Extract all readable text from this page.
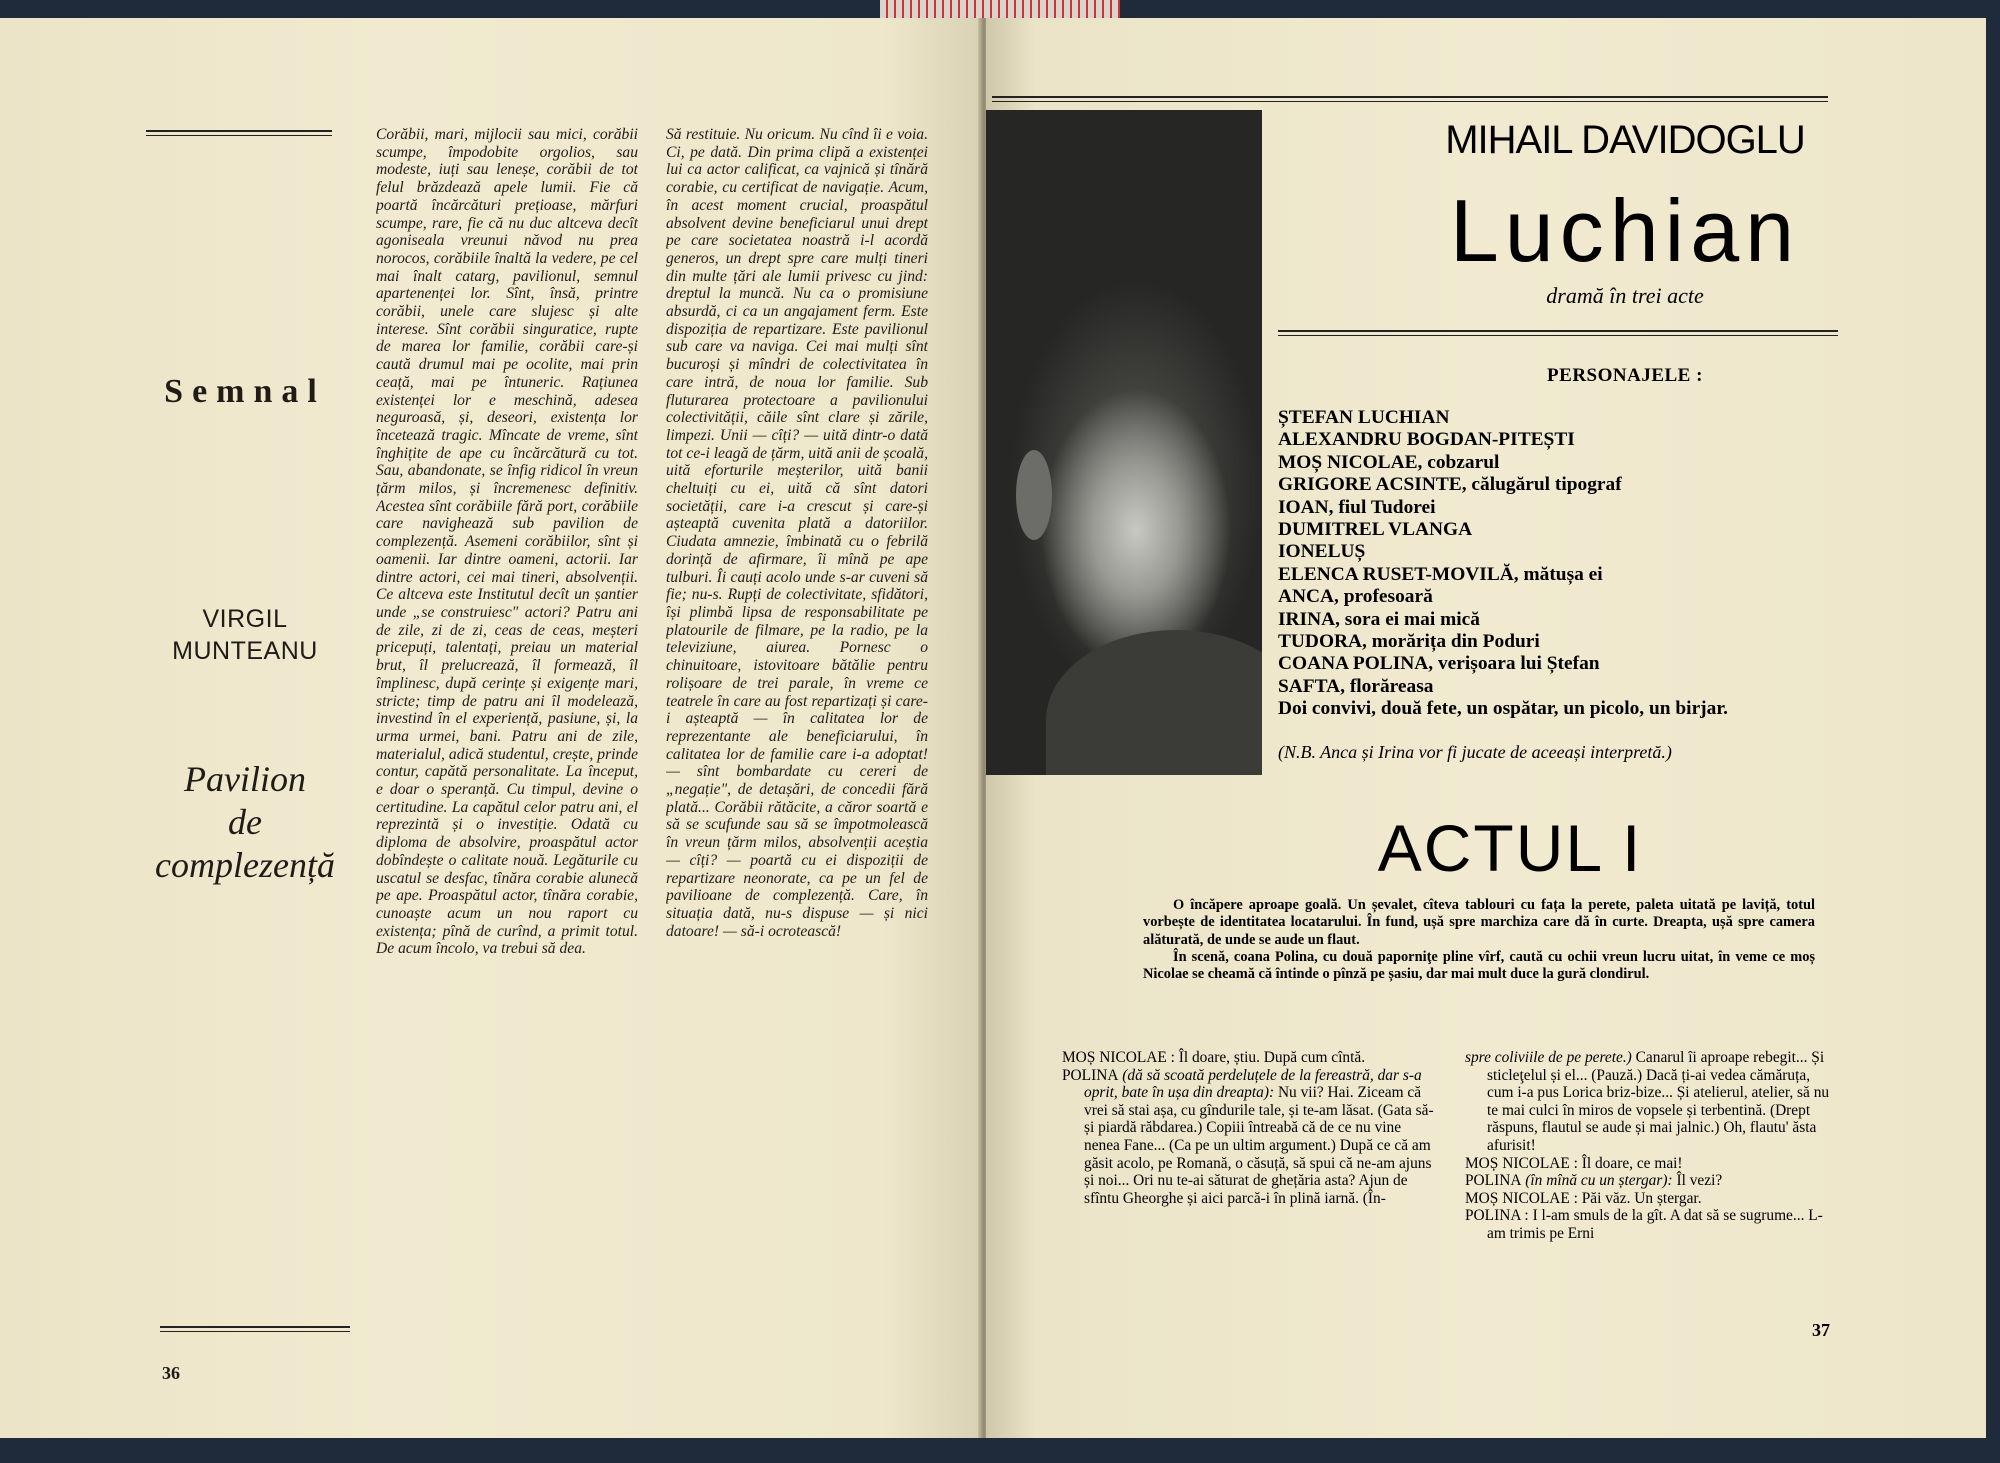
Semnal
VIRGIL
MUNTEANU
Pavilion
de
complezență
Corăbii, mari, mijlocii sau mici, corăbii scumpe, împodobite orgolios, sau modeste, iuți sau leneșe, corăbii de tot felul brăzdează apele lumii. Fie că poartă încărcături prețioase, mărfuri scumpe, rare, fie că nu duc altceva decît agoniseala vreunui năvod nu prea norocos, corăbiile înaltă la vedere, pe cel mai înalt catarg, pavilionul, semnul apartenenței lor. Sînt, însă, printre corăbii, unele care slujesc și alte interese. Sînt corăbii singuratice, rupte de marea lor familie, corăbii care-și caută drumul mai pe ocolite, mai prin ceață, mai pe întuneric. Rațiunea existenței lor e meschină, adesea neguroasă, și, deseori, existența lor încetează tragic. Mîncate de vreme, sînt înghițite de ape cu încărcătură cu tot. Sau, abandonate, se înfig ridicol în vreun țărm milos, și încremenesc definitiv. Acestea sînt corăbiile fără port, corăbiile care navighează sub pavilion de complezență. Asemeni corăbiilor, sînt și oamenii. Iar dintre oameni, actorii. Iar dintre actori, cei mai tineri, absolvenții. Ce altceva este Institutul decît un șantier unde „se construiesc" actori? Patru ani de zile, zi de zi, ceas de ceas, meșteri pricepuți, talentați, preiau un material brut, îl prelucrează, îl formează, îl împlinesc, după cerințe și exigențe mari, stricte; timp de patru ani îl modelează, investind în el experiență, pasiune, și, la urma urmei, bani. Patru ani de zile, materialul, adică studentul, crește, prinde contur, capătă personalitate. La început, e doar o speranță. Cu timpul, devine o certitudine. La capătul celor patru ani, el reprezintă și o investiție. Odată cu diploma de absolvire, proaspătul actor dobîndește o calitate nouă. Legăturile cu uscatul se desfac, tînăra corabie alunecă pe ape. Proaspătul actor, tînăra corabie, cunoaște acum un nou raport cu existența; pînă de curînd, a primit totul. De acum încolo, va trebui să dea.
Să restituie. Nu oricum. Nu cînd îi e voia. Ci, pe dată. Din prima clipă a existenței lui ca actor calificat, ca vajnică și tînără corabie, cu certificat de navigație. Acum, în acest moment crucial, proaspătul absolvent devine beneficiarul unui drept pe care societatea noastră i-l acordă generos, un drept spre care mulți tineri din multe țări ale lumii privesc cu jind: dreptul la muncă. Nu ca o promisiune absurdă, ci ca un angajament ferm. Este dispoziția de repartizare. Este pavilionul sub care va naviga. Cei mai mulți sînt bucuroși și mîndri de colectivitatea în care intră, de noua lor familie. Sub fluturarea protectoare a pavilionului colectivității, căile sînt clare și zările, limpezi. Unii — cîți? — uită dintr-o dată tot ce-i leagă de țărm, uită anii de școală, uită eforturile meșterilor, uită banii cheltuiți cu ei, uită că sînt datori societății, care i-a crescut și care-și așteaptă cuvenita plată a datoriilor. Ciudata amnezie, îmbinată cu o febrilă dorință de afirmare, îi mînă pe ape tulburi. Îi cauți acolo unde s-ar cuveni să fie; nu-s. Rupți de colectivitate, sfidători, își plimbă lipsa de responsabilitate pe platourile de filmare, pe la radio, pe la televiziune, aiurea. Pornesc o chinuitoare, istovitoare bătălie pentru rolișoare de trei parale, în vreme ce teatrele în care au fost repartizați și care-i așteaptă — în calitatea lor de reprezentante ale beneficiarului, în calitatea lor de familie care i-a adoptat! — sînt bombardate cu cereri de „negație", de detașări, de concedii fără plată... Corăbii rătăcite, a căror soartă e să se scufunde sau să se împotmolească în vreun țărm milos, absolvenții aceștia — cîți? — poartă cu ei dispoziții de repartizare neonorate, ca pe un fel de pavilioane de complezență. Care, în situația dată, nu-s dispuse — și nici datoare! — să-i ocrotească!
36
MIHAIL DAVIDOGLU
Luchian
dramă în trei acte
PERSONAJELE :
ȘTEFAN LUCHIAN
ALEXANDRU BOGDAN-PITEȘTI
MOȘ NICOLAE, cobzarul
GRIGORE ACSINTE, călugărul tipograf
IOAN, fiul Tudorei
DUMITREL VLANGA
IONELUȘ
ELENCA RUSET-MOVILĂ, mătușa ei
ANCA, profesoară
IRINA, sora ei mai mică
TUDORA, morărița din Poduri
COANA POLINA, verișoara lui Ștefan
SAFTA, florăreasa
Doi convivi, două fete, un ospătar, un picolo, un birjar.
(N.B. Anca și Irina vor fi jucate de aceeași interpretă.)
ACTUL I

O încăpere aproape goală. Un șevalet, cîteva tablouri cu fața la perete, paleta uitată pe laviță, totul vorbește de identitatea locatarului. În fund, ușă spre marchiza care dă în curte. Dreapta, ușă spre camera alăturată, de unde se aude un flaut.

În scenă, coana Polina, cu două paporniţe pline vîrf, caută cu ochii vreun lucru uitat, în veme ce moș Nicolae se cheamă că întinde o pînză pe șasiu, dar mai mult duce la gură clondirul.

MOȘ NICOLAE : Îl doare, știu. După cum cîntă.

POLINA (dă să scoată perdeluțele de la fereastră, dar s-a oprit, bate în ușa din dreapta): Nu vii? Hai. Ziceam că vrei să stai așa, cu gîndurile tale, și te-am lăsat. (Gata să-și piardă răbdarea.) Copiii întreabă că de ce nu vine nenea Fane... (Ca pe un ultim argument.) După ce că am găsit acolo, pe Romană, o căsuță, să spui că ne-am ajuns și noi... Ori nu te-ai săturat de ghețăria asta? Ajun de sfîntu Gheorghe și aici parcă-i în plină iarnă. (În-

spre coliviile de pe perete.) Canarul îi aproape rebegit... Și sticleţelul și el... (Pauză.) Dacă ți-ai vedea cămăruța, cum i-a pus Lorica briz-bize... Și atelierul, atelier, să nu te mai culci în miros de vopsele și terbentină. (Drept răspuns, flautul se aude și mai jalnic.) Oh, flautu' ăsta afurisit!

MOȘ NICOLAE : Îl doare, ce mai!

POLINA (în mînă cu un ștergar): Îl vezi?

MOȘ NICOLAE : Păi văz. Un ștergar.

POLINA : I l-am smuls de la gît. A dat să se sugrume... L-am trimis pe Erni

37
